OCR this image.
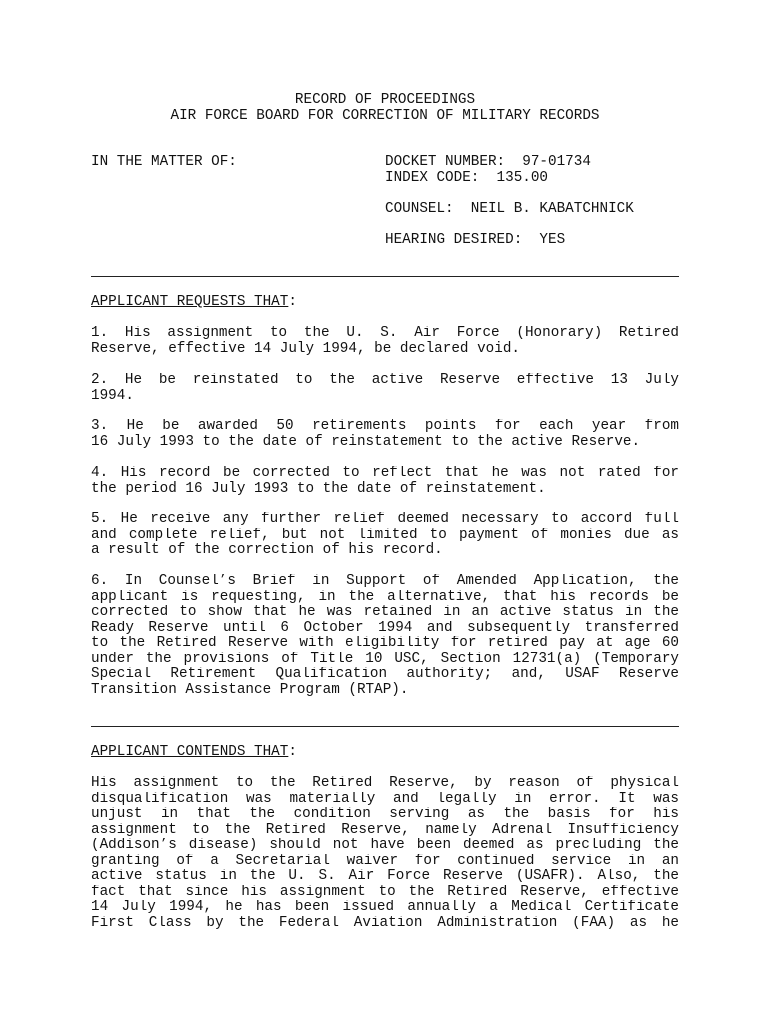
RECORD OF PROCEEDINGS
AIR FORCE BOARD FOR CORRECTION OF MILITARY RECORDS
IN THE MATTER OF:	DOCKET NUMBER:  97-01734
INDEX CODE:  135.00
COUNSEL:  NEIL B. KABATCHNICK
HEARING DESIRED:  YES
APPLICANT REQUESTS THAT:
1. His assignment to the U. S. Air Force (Honorary) Retired
Reserve, effective 14 July 1994, be declared void.
2. He be reinstated to the active Reserve effective 13 July
1994.
3. He be awarded 50 retirements points for each year from
16 July 1993 to the date of reinstatement to the active Reserve.
4. His record be corrected to reflect that he was not rated for
the period 16 July 1993 to the date of reinstatement.
5. He receive any further relief deemed necessary to accord full
and complete relief, but not limited to payment of monies due as
a result of the correction of his record.
6. In Counsel’s Brief in Support of Amended Application, the
applicant is requesting, in the alternative, that his records be
corrected to show that he was retained in an active status in the
Ready Reserve until 6 October 1994 and subsequently transferred
to the Retired Reserve with eligibility for retired pay at age 60
under the provisions of Title 10 USC, Section 12731(a) (Temporary
Special Retirement Qualification authority; and, USAF Reserve
Transition Assistance Program (RTAP).
APPLICANT CONTENDS THAT:
His assignment to the Retired Reserve, by reason of physical
disqualification was materially and legally in error. It was
unjust in that the condition serving as the basis for his
assignment to the Retired Reserve, namely Adrenal Insufficiency
(Addison’s disease) should not have been deemed as precluding the
granting of a Secretarial waiver for continued service in an
active status in the U. S. Air Force Reserve (USAFR). Also, the
fact that since his assignment to the Retired Reserve, effective
14 July 1994, he has been issued annually a Medical Certificate
First Class by the Federal Aviation Administration (FAA) as he
